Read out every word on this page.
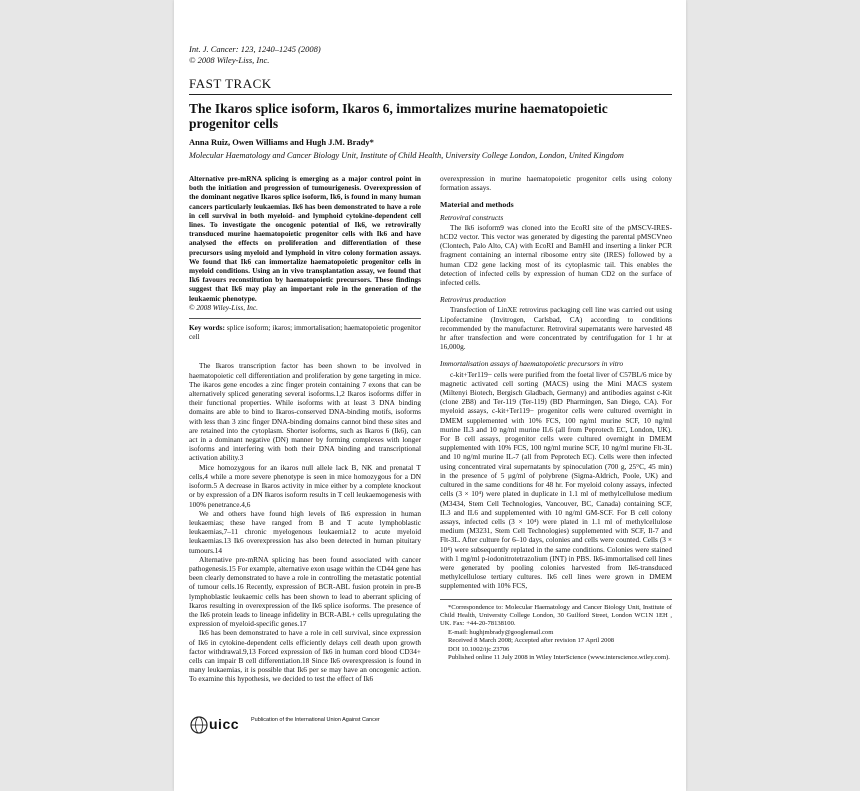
Int. J. Cancer: 123, 1240–1245 (2008)
© 2008 Wiley-Liss, Inc.
FAST TRACK
The Ikaros splice isoform, Ikaros 6, immortalizes murine haematopoietic progenitor cells
Anna Ruiz, Owen Williams and Hugh J.M. Brady*
Molecular Haematology and Cancer Biology Unit, Institute of Child Health, University College London, London, United Kingdom
Alternative pre-mRNA splicing is emerging as a major control point in both the initiation and progression of tumourigenesis. Overexpression of the dominant negative Ikaros splice isoform, Ik6, is found in many human cancers particularly leukaemias. Ik6 has been demonstrated to have a role in cell survival in both myeloid- and lymphoid cytokine-dependent cell lines. To investigate the oncogenic potential of Ik6, we retrovirally transduced murine haematopoietic progenitor cells with Ik6 and have analysed the effects on proliferation and differentiation of these precursors using myeloid and lymphoid in vitro colony formation assays. We found that Ik6 can immortalize haematopoietic progenitor cells in myeloid conditions. Using an in vivo transplantation assay, we found that Ik6 favours reconstitution by haematopoietic precursors. These findings suggest that Ik6 may play an important role in the generation of the leukaemic phenotype.
© 2008 Wiley-Liss, Inc.
Key words: splice isoform; ikaros; immortalisation; haematopoietic progenitor cell

The Ikaros transcription factor has been shown to be involved in haematopoietic cell differentiation and proliferation by gene targeting in mice. The ikaros gene encodes a zinc finger protein containing 7 exons that can be alternatively spliced generating several isoforms.1,2 Ikaros isoforms differ in their functional properties. While isoforms with at least 3 DNA binding domains are able to bind to Ikaros-conserved DNA-binding motifs, isoforms with less than 3 zinc finger DNA-binding domains cannot bind these sites and are retained into the cytoplasm. Shorter isoforms, such as Ikaros 6 (Ik6), can act in a dominant negative (DN) manner by forming complexes with longer isoforms and interfering with both their DNA binding and transcriptional activation ability.3

Mice homozygous for an ikaros null allele lack B, NK and prenatal T cells,4 while a more severe phenotype is seen in mice homozygous for a DN isoform.5 A decrease in Ikaros activity in mice either by a complete knockout or by expression of a DN Ikaros isoform results in T cell leukaemogenesis with 100% penetrance.4,6

We and others have found high levels of Ik6 expression in human leukaemias; these have ranged from B and T acute lymphoblastic leukaemias,7–11 chronic myelogenous leukaemia12 to acute myeloid leukaemias.13 Ik6 overexpression has also been detected in human pituitary tumours.14

Alternative pre-mRNA splicing has been found associated with cancer pathogenesis.15 For example, alternative exon usage within the CD44 gene has been clearly demonstrated to have a role in controlling the metastatic potential of tumour cells.16 Recently, expression of BCR-ABL fusion protein in pre-B lymphoblastic leukaemic cells has been shown to lead to aberrant splicing of Ikaros resulting in overexpression of the Ik6 splice isoforms. The presence of the Ik6 protein leads to lineage infidelity in BCR-ABL+ cells upregulating the expression of myeloid-specific genes.17

Ik6 has been demonstrated to have a role in cell survival, since expression of Ik6 in cytokine-dependent cells efficiently delays cell death upon growth factor withdrawal.9,13 Forced expression of Ik6 in human cord blood CD34+ cells can impair B cell differentiation.18 Since Ik6 overexpression is found in many leukaemias, it is possible that Ik6 per se may have an oncogenic action. To examine this hypothesis, we decided to test the effect of Ik6

overexpression in murine haematopoietic progenitor cells using colony formation assays.

Material and methods
Retroviral constructs

The Ik6 isoform9 was cloned into the EcoRI site of the pMSCV-IRES-hCD2 vector. This vector was generated by digesting the parental pMSCVneo (Clontech, Palo Alto, CA) with EcoRI and BamHI and inserting a linker PCR fragment containing an internal ribosome entry site (IRES) followed by a human CD2 gene lacking most of its cytoplasmic tail. This enables the detection of infected cells by expression of human CD2 on the surface of infected cells.

Retrovirus production

Transfection of LinXE retrovirus packaging cell line was carried out using Lipofectamine (Invitrogen, Carlsbad, CA) according to conditions recommended by the manufacturer. Retroviral supernatants were harvested 48 hr after transfection and were concentrated by centrifugation for 1 hr at 16,000g.

Immortalisation assays of haematopoietic precursors in vitro

c-kit+Ter119− cells were purified from the foetal liver of C57BL/6 mice by magnetic activated cell sorting (MACS) using the Mini MACS system (Miltenyi Biotech, Bergisch Gladbach, Germany) and antibodies against c-Kit (clone 2B8) and Ter-119 (Ter-119) (BD Pharmingen, San Diego, CA). For myeloid assays, c-kit+Ter119− progenitor cells were cultured overnight in DMEM supplemented with 10% FCS, 100 ng/ml murine SCF, 10 ng/ml murine IL3 and 10 ng/ml murine IL6 (all from Peprotech EC, London, UK). For B cell assays, progenitor cells were cultured overnight in DMEM supplemented with 10% FCS, 100 ng/ml murine SCF, 10 ng/ml murine Flt-3L and 10 ng/ml murine IL-7 (all from Peprotech EC). Cells were then infected using concentrated viral supernatants by spinoculation (700 g, 25°C, 45 min) in the presence of 5 μg/ml of polybrene (Sigma-Aldrich, Poole, UK) and cultured in the same conditions for 48 hr. For myeloid colony assays, infected cells (3 × 10⁴) were plated in duplicate in 1.1 ml of methylcellulose medium (M3434, Stem Cell Technologies, Vancouver, BC, Canada) containing SCF, IL3 and IL6 and supplemented with 10 ng/ml GM-SCF. For B cell colony assays, infected cells (3 × 10⁴) were plated in 1.1 ml of methylcellulose medium (M3231, Stem Cell Technologies) supplemented with SCF, Il-7 and Flt-3L. After culture for 6–10 days, colonies and cells were counted. Cells (3 × 10⁴) were subsequently replated in the same conditions. Colonies were stained with 1 mg/ml p-iodonitrotetrazolium (INT) in PBS. Ik6-immortalised cell lines were generated by pooling colonies harvested from Ik6-transduced methylcellulose tertiary cultures. Ik6 cell lines were grown in DMEM supplemented with 10% FCS,

*Correspondence to: Molecular Haematology and Cancer Biology Unit, Institute of Child Health, University College London, 30 Guilford Street, London WC1N 1EH , UK. Fax: +44-20-78138100.
E-mail: hughjmbrady@googlemail.com
Received 8 March 2008; Accepted after revision 17 April 2008
DOI 10.1002/ijc.23706
Published online 11 July 2008 in Wiley InterScience (www.interscience.wiley.com).
uicc Publication of the International Union Against Cancer
